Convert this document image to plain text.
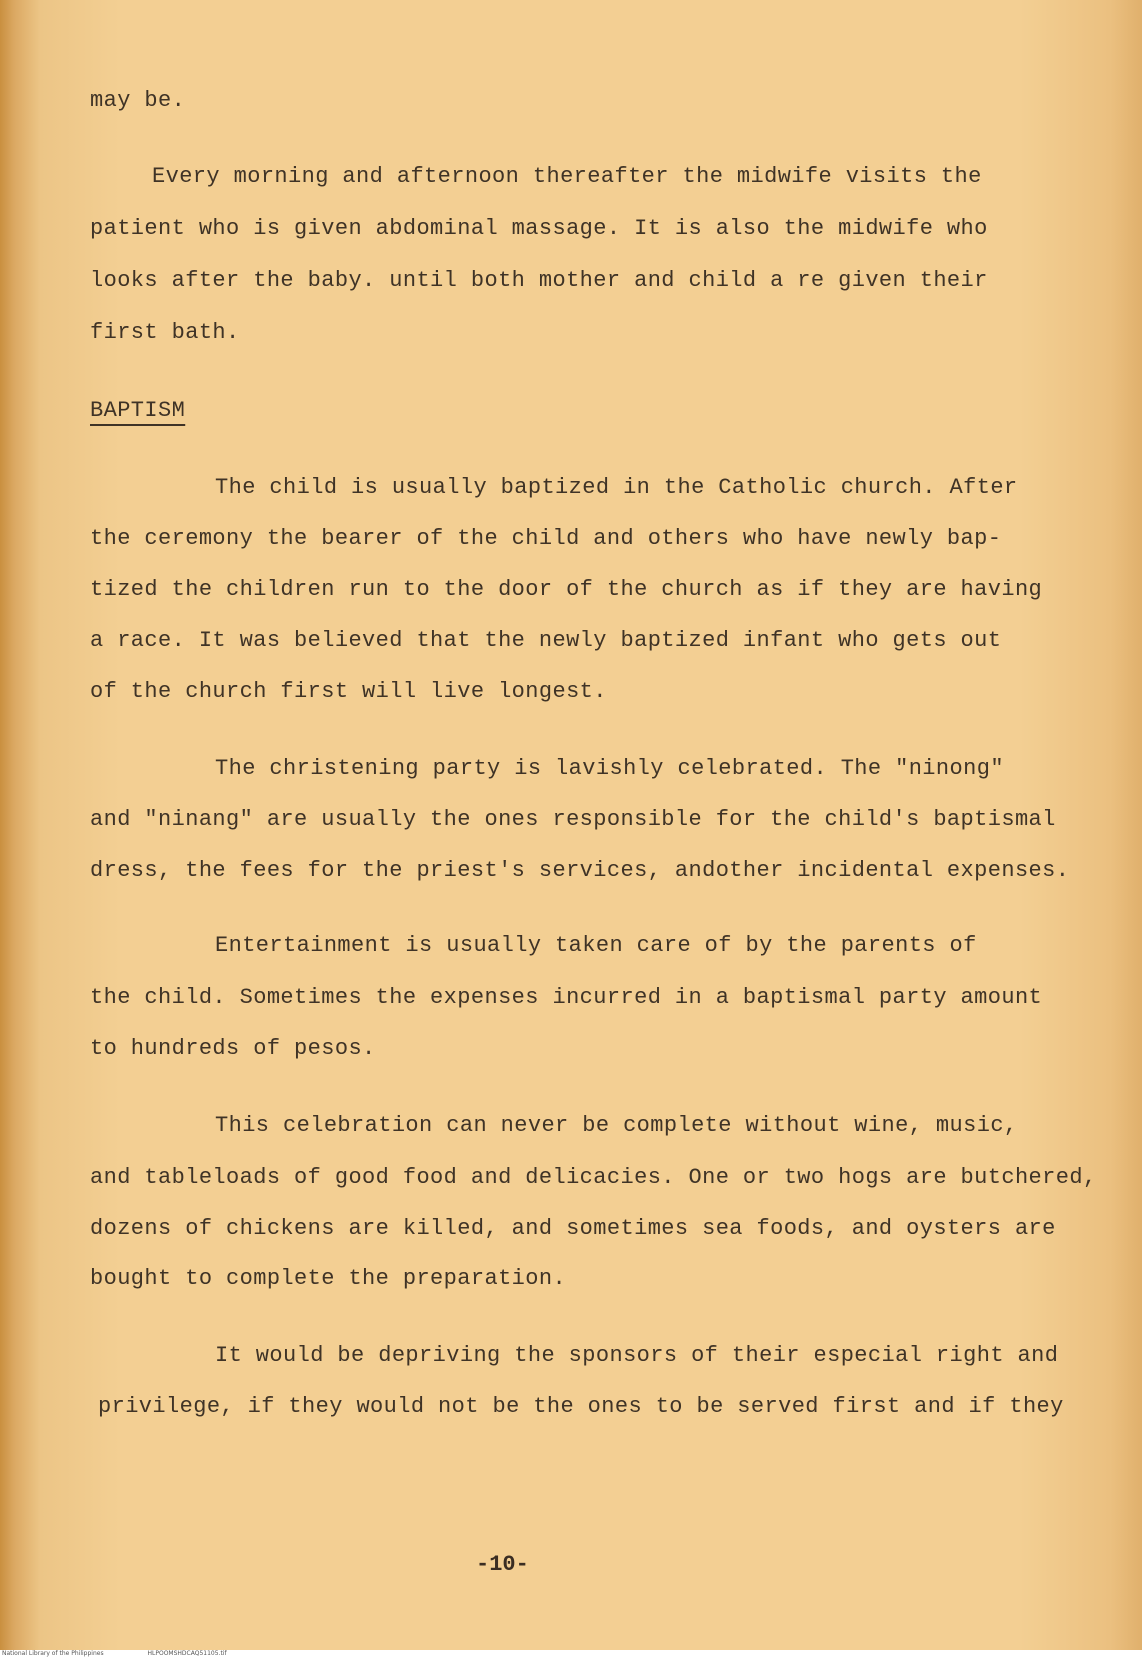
may be.
Every morning and afternoon thereafter the midwife visits the
patient who is given abdominal massage. It is also the midwife who
looks after the baby. until both mother and child a re given their
first bath.
BAPTISM
The child is usually baptized in the Catholic church. After
the ceremony the bearer of the child and others who have newly bap-
tized the children run to the door of the church as if they are having
a race. It was believed that the newly baptized infant who gets out
of the church first will live longest.
The christening party is lavishly celebrated. The "ninong"
and "ninang" are usually the ones responsible for the child's baptismal
dress, the fees for the priest's services, andother incidental expenses.
Entertainment is usually taken care of by the parents of
the child. Sometimes the expenses incurred in a baptismal party amount
to hundreds of pesos.
This celebration can never be complete without wine, music,
and tableloads of good food and delicacies. One or two hogs are butchered,
dozens of chickens are killed, and sometimes sea foods, and oysters are
bought to complete the preparation.
It would be depriving the sponsors of their especial right and
privilege, if they would not be the ones to be served first and if they
-10-
National Library of the Philippines	HLPOOMSHDCAQ51105.tif
